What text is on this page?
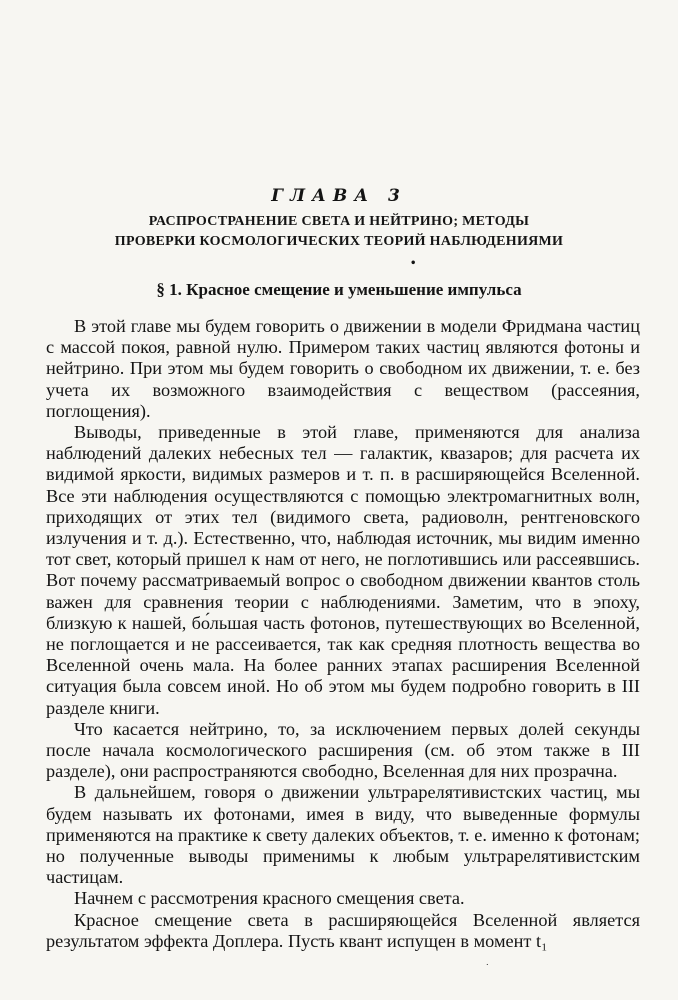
ГЛАВА 3
РАСПРОСТРАНЕНИЕ СВЕТА И НЕЙТРИНО; МЕТОДЫ
ПРОВЕРКИ КОСМОЛОГИЧЕСКИХ ТЕОРИЙ НАБЛЮДЕНИЯМИ
•
§ 1. Красное смещение и уменьшение импульса

В этой главе мы будем говорить о движении в модели Фридмана частиц с массой покоя, равной нулю. Примером таких частиц являются фотоны и нейтрино. При этом мы будем говорить о свободном их движении, т. е. без учета их возможного взаимодействия с веществом (рассеяния, поглощения).

Выводы, приведенные в этой главе, применяются для анализа наблюдений далеких небесных тел — галактик, квазаров; для расчета их видимой яркости, видимых размеров и т. п. в расширяющейся Вселенной. Все эти наблюдения осуществляются с помощью электромагнитных волн, приходящих от этих тел (видимого света, радиоволн, рентгеновского излучения и т. д.). Естественно, что, наблюдая источник, мы видим именно тот свет, который пришел к нам от него, не поглотившись или рассеявшись. Вот почему рассматриваемый вопрос о свободном движении квантов столь важен для сравнения теории с наблюдениями. Заметим, что в эпоху, близкую к нашей, бо́льшая часть фотонов, путешествующих во Вселенной, не поглощается и не рассеивается, так как средняя плотность вещества во Вселенной очень мала. На более ранних этапах расширения Вселенной ситуация была совсем иной. Но об этом мы будем подробно говорить в III разделе книги.

Что касается нейтрино, то, за исключением первых долей секунды после начала космологического расширения (см. об этом также в III разделе), они распространяются свободно, Вселенная для них прозрачна.

В дальнейшем, говоря о движении ультрарелятивистских частиц, мы будем называть их фотонами, имея в виду, что выведенные формулы применяются на практике к свету далеких объектов, т. е. именно к фотонам; но полученные выводы применимы к любым ультрарелятивистским частицам.

Начнем с рассмотрения красного смещения света.

Красное смещение света в расширяющейся Вселенной является результатом эффекта Доплера. Пусть квант испущен в момент t₁

.
